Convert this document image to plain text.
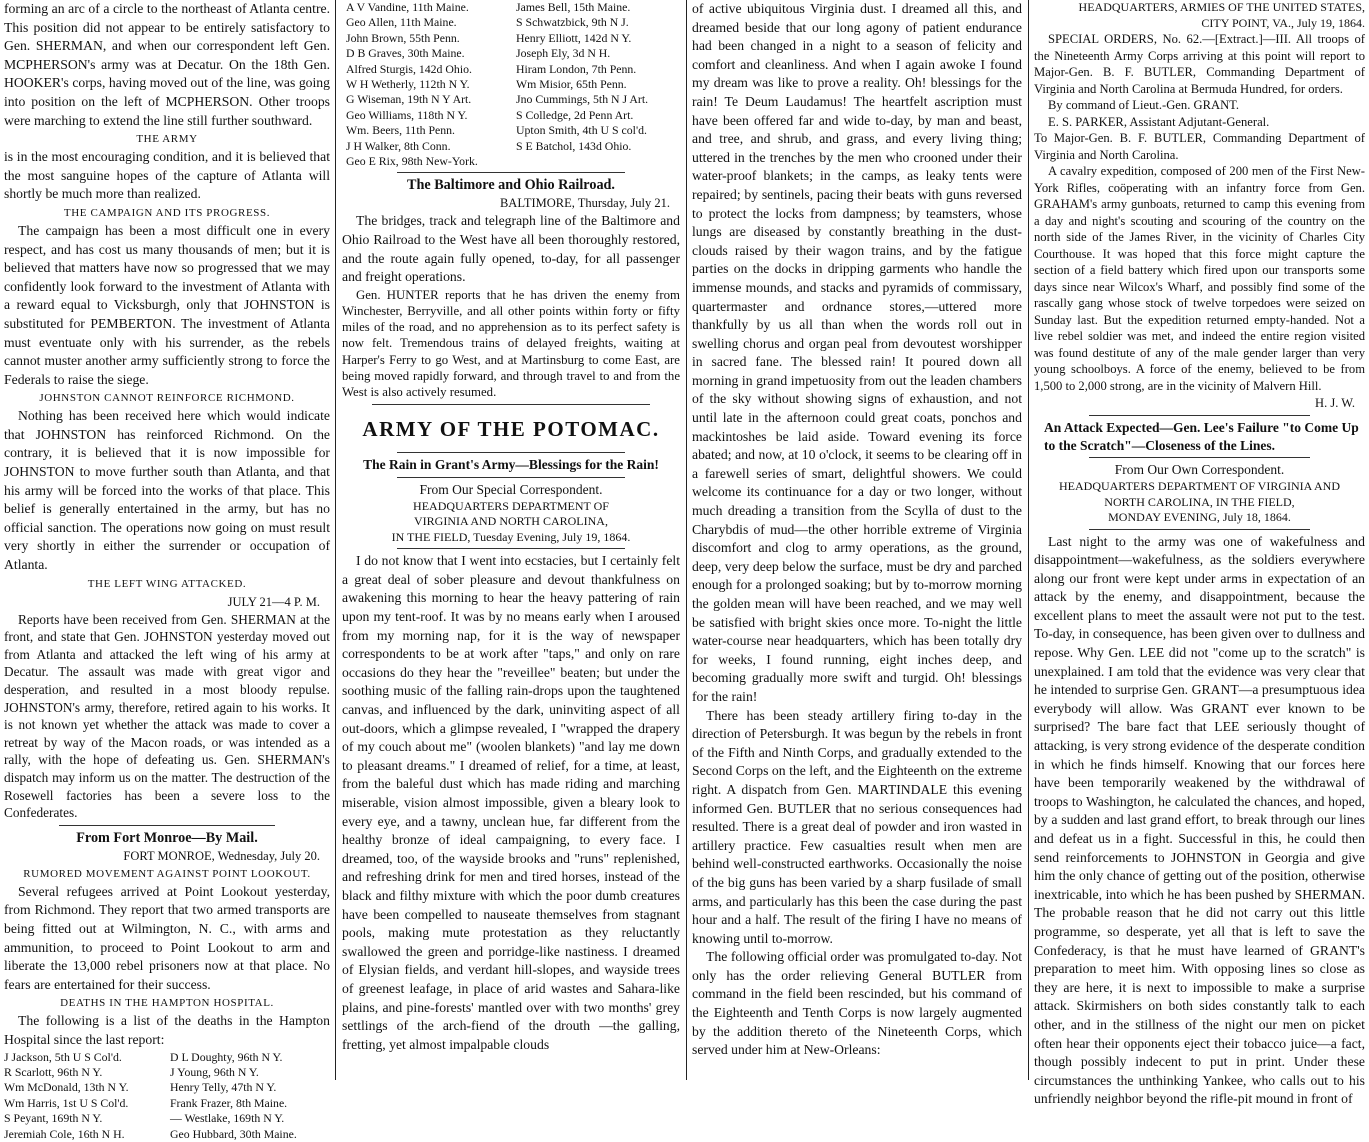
forming an arc of a circle to the northeast of Atlanta centre. This position did not appear to be entirely satisfactory to Gen. SHERMAN, and when our correspondent left Gen. MCPHERSON's army was at Decatur. On the 18th Gen. HOOKER's corps, having moved out of the line, was going into position on the left of MCPHERSON. Other troops were marching to extend the line still further southward.

THE ARMY

is in the most encouraging condition, and it is believed that the most sanguine hopes of the capture of Atlanta will shortly be much more than realized.

THE CAMPAIGN AND ITS PROGRESS.

The campaign has been a most difficult one in every respect, and has cost us many thousands of men; but it is believed that matters have now so progressed that we may confidently look forward to the investment of Atlanta with a reward equal to Vicksburgh, only that JOHNSTON is substituted for PEMBERTON. The investment of Atlanta must eventuate only with his surrender, as the rebels cannot muster another army sufficiently strong to force the Federals to raise the siege.

JOHNSTON CANNOT REINFORCE RICHMOND.

Nothing has been received here which would indicate that JOHNSTON has reinforced Richmond. On the contrary, it is believed that it is now impossible for JOHNSTON to move further south than Atlanta, and that his army will be forced into the works of that place. This belief is generally entertained in the army, but has no official sanction. The operations now going on must result very shortly in either the surrender or occupation of Atlanta.

THE LEFT WING ATTACKED.
JULY 21—4 P. M.

Reports have been received from Gen. SHERMAN at the front, and state that Gen. JOHNSTON yesterday moved out from Atlanta and attacked the left wing of his army at Decatur. The assault was made with great vigor and desperation, and resulted in a most bloody repulse. JOHNSTON's army, therefore, retired again to his works. It is not known yet whether the attack was made to cover a retreat by way of the Macon roads, or was intended as a rally, with the hope of defeating us. Gen. SHERMAN's dispatch may inform us on the matter. The destruction of the Rosewell factories has been a severe loss to the Confederates.

From Fort Monroe—By Mail.
FORT MONROE, Wednesday, July 20.
RUMORED MOVEMENT AGAINST POINT LOOKOUT.

Several refugees arrived at Point Lookout yesterday, from Richmond. They report that two armed transports are being fitted out at Wilmington, N. C., with arms and ammunition, to proceed to Point Lookout to arm and liberate the 13,000 rebel prisoners now at that place. No fears are entertained for their success.

DEATHS IN THE HAMPTON HOSPITAL.

The following is a list of the deaths in the Hampton Hospital since the last report:

J Jackson, 5th U S Col'd.	D L Doughty, 96th N Y.
R Scarlott, 96th N Y.	J Young, 96th N Y.
Wm McDonald, 13th N Y.	Henry Telly, 47th N Y.
Wm Harris, 1st U S Col'd.	Frank Frazer, 8th Maine.
S Peyant, 169th N Y.	— Westlake, 169th N Y.
Jeremiah Cole, 16th N H.	Geo Hubbard, 30th Maine.
A V Vandine, 11th Maine.	James Bell, 15th Maine.
Geo Allen, 11th Maine.	S Schwatzbick, 9th N J.
John Brown, 55th Penn.	Henry Elliott, 142d N Y.
D B Graves, 30th Maine.	Joseph Ely, 3d N H.
Alfred Sturgis, 142d Ohio.	Hiram London, 7th Penn.
W H Wetherly, 112th N Y.	Wm Misior, 65th Penn.
G Wiseman, 19th N Y Art.	Jno Cummings, 5th N J Art.
Geo Williams, 118th N Y.	S Colledge, 2d Penn Art.
Wm. Beers, 11th Penn.	Upton Smith, 4th U S col'd.
J H Walker, 8th Conn.	S E Batchol, 143d Ohio.
Geo E Rix, 98th New-York.
The Baltimore and Ohio Railroad.
BALTIMORE, Thursday, July 21.

The bridges, track and telegraph line of the Baltimore and Ohio Railroad to the West have all been thoroughly restored, and the route again fully opened, to-day, for all passenger and freight operations.

Gen. HUNTER reports that he has driven the enemy from Winchester, Berryville, and all other points within forty or fifty miles of the road, and no apprehension as to its perfect safety is now felt. Tremendous trains of delayed freights, waiting at Harper's Ferry to go West, and at Martinsburg to come East, are being moved rapidly forward, and through travel to and from the West is also actively resumed.

ARMY OF THE POTOMAC.
The Rain in Grant's Army—Blessings for the Rain!
From Our Special Correspondent.
HEADQUARTERS DEPARTMENT OF
VIRGINIA AND NORTH CAROLINA,
IN THE FIELD, Tuesday Evening, July 19, 1864.

I do not know that I went into ecstacies, but I certainly felt a great deal of sober pleasure and devout thankfulness on awakening this morning to hear the heavy pattering of rain upon my tent-roof. It was by no means early when I aroused from my morning nap, for it is the way of newspaper correspondents to be at work after "taps," and only on rare occasions do they hear the "reveillee" beaten; but under the soothing music of the falling rain-drops upon the taughtened canvas, and influenced by the dark, uninviting aspect of all out-doors, which a glimpse revealed, I "wrapped the drapery of my couch about me" (woolen blankets) "and lay me down to pleasant dreams." I dreamed of relief, for a time, at least, from the baleful dust which has made riding and marching miserable, vision almost impossible, given a bleary look to every eye, and a tawny, unclean hue, far different from the healthy bronze of ideal campaigning, to every face. I dreamed, too, of the wayside brooks and "runs" replenished, and refreshing drink for men and tired horses, instead of the black and filthy mixture with which the poor dumb creatures have been compelled to nauseate themselves from stagnant pools, making mute protestation as they reluctantly swallowed the green and porridge-like nastiness. I dreamed of Elysian fields, and verdant hill-slopes, and wayside trees of greenest leafage, in place of arid wastes and Sahara-like plains, and pine-forests' mantled over with two months' grey settlings of the arch-fiend of the drouth —the galling, fretting, yet almost impalpable clouds

of active ubiquitous Virginia dust. I dreamed all this, and dreamed beside that our long agony of patient endurance had been changed in a night to a season of felicity and comfort and cleanliness. And when I again awoke I found my dream was like to prove a reality. Oh! blessings for the rain! Te Deum Laudamus! The heartfelt ascription must have been offered far and wide to-day, by man and beast, and tree, and shrub, and grass, and every living thing; uttered in the trenches by the men who crooned under their water-proof blankets; in the camps, as leaky tents were repaired; by sentinels, pacing their beats with guns reversed to protect the locks from dampness; by teamsters, whose lungs are diseased by constantly breathing in the dust-clouds raised by their wagon trains, and by the fatigue parties on the docks in dripping garments who handle the immense mounds, and stacks and pyramids of commissary, quartermaster and ordnance stores,—uttered more thankfully by us all than when the words roll out in swelling chorus and organ peal from devoutest worshipper in sacred fane. The blessed rain! It poured down all morning in grand impetuosity from out the leaden chambers of the sky without showing signs of exhaustion, and not until late in the afternoon could great coats, ponchos and mackintoshes be laid aside. Toward evening its force abated; and now, at 10 o'clock, it seems to be clearing off in a farewell series of smart, delightful showers. We could welcome its continuance for a day or two longer, without much dreading a transition from the Scylla of dust to the Charybdis of mud—the other horrible extreme of Virginia discomfort and clog to army operations, as the ground, deep, very deep below the surface, must be dry and parched enough for a prolonged soaking; but by to-morrow morning the golden mean will have been reached, and we may well be satisfied with bright skies once more. To-night the little water-course near headquarters, which has been totally dry for weeks, I found running, eight inches deep, and becoming gradually more swift and turgid. Oh! blessings for the rain!

There has been steady artillery firing to-day in the direction of Petersburgh. It was begun by the rebels in front of the Fifth and Ninth Corps, and gradually extended to the Second Corps on the left, and the Eighteenth on the extreme right. A dispatch from Gen. MARTINDALE this evening informed Gen. BUTLER that no serious consequences had resulted. There is a great deal of powder and iron wasted in artillery practice. Few casualties result when men are behind well-constructed earthworks. Occasionally the noise of the big guns has been varied by a sharp fusilade of small arms, and particularly has this been the case during the past hour and a half. The result of the firing I have no means of knowing until to-morrow.

The following official order was promulgated to-day. Not only has the order relieving General BUTLER from command in the field been rescinded, but his command of the Eighteenth and Tenth Corps is now largely augmented by the addition thereto of the Nineteenth Corps, which served under him at New-Orleans:

HEADQUARTERS, ARMIES OF THE UNITED STATES,
CITY POINT, VA., July 19, 1864.

SPECIAL ORDERS, No. 62.—[Extract.]—III. All troops of the Nineteenth Army Corps arriving at this point will report to Major-Gen. B. F. BUTLER, Commanding Department of Virginia and North Carolina at Bermuda Hundred, for orders.

By command of Lieut.-Gen. GRANT.

E. S. PARKER, Assistant Adjutant-General.

To Major-Gen. B. F. BUTLER, Commanding Department of Virginia and North Carolina.

A cavalry expedition, composed of 200 men of the First New-York Rifles, coöperating with an infantry force from Gen. GRAHAM's army gunboats, returned to camp this evening from a day and night's scouting and scouring of the country on the north side of the James River, in the vicinity of Charles City Courthouse. It was hoped that this force might capture the section of a field battery which fired upon our transports some days since near Wilcox's Wharf, and possibly find some of the rascally gang whose stock of twelve torpedoes were seized on Sunday last. But the expedition returned empty-handed. Not a live rebel soldier was met, and indeed the entire region visited was found destitute of any of the male gender larger than very young schoolboys. A force of the enemy, believed to be from 1,500 to 2,000 strong, are in the vicinity of Malvern Hill.

H. J. W.
An Attack Expected—Gen. Lee's Failure "to Come Up to the Scratch"—Closeness of the Lines.
From Our Own Correspondent.
HEADQUARTERS DEPARTMENT OF VIRGINIA AND
NORTH CAROLINA, IN THE FIELD,
MONDAY EVENING, July 18, 1864.

Last night to the army was one of wakefulness and disappointment—wakefulness, as the soldiers everywhere along our front were kept under arms in expectation of an attack by the enemy, and disappointment, because the excellent plans to meet the assault were not put to the test. To-day, in consequence, has been given over to dullness and repose. Why Gen. LEE did not "come up to the scratch" is unexplained. I am told that the evidence was very clear that he intended to surprise Gen. GRANT—a presumptuous idea everybody will allow. Was GRANT ever known to be surprised? The bare fact that LEE seriously thought of attacking, is very strong evidence of the desperate condition in which he finds himself. Knowing that our forces here have been temporarily weakened by the withdrawal of troops to Washington, he calculated the chances, and hoped, by a sudden and last grand effort, to break through our lines and defeat us in a fight. Successful in this, he could then send reinforcements to JOHNSTON in Georgia and give him the only chance of getting out of the position, otherwise inextricable, into which he has been pushed by SHERMAN. The probable reason that he did not carry out this little programme, so desperate, yet all that is left to save the Confederacy, is that he must have learned of GRANT's preparation to meet him. With opposing lines so close as they are here, it is next to impossible to make a surprise attack. Skirmishers on both sides constantly talk to each other, and in the stillness of the night our men on picket often hear their opponents eject their tobacco juice—a fact, though possibly indecent to put in print. Under these circumstances the unthinking Yankee, who calls out to his unfriendly neighbor beyond the rifle-pit mound in front of
